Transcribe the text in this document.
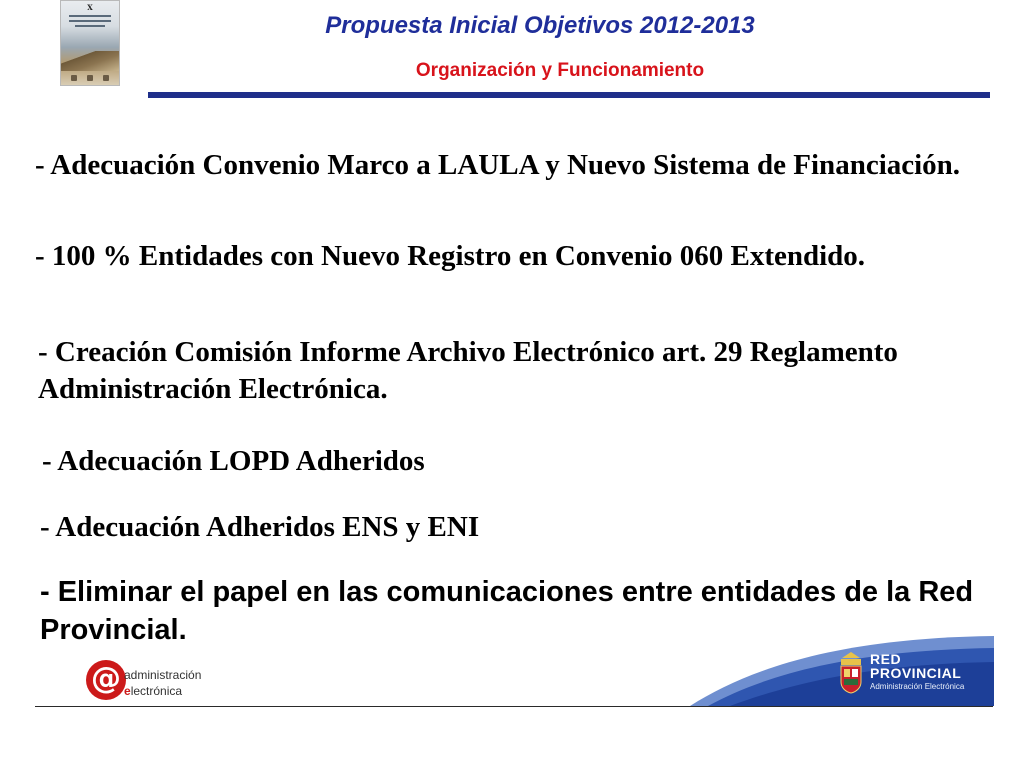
X
Propuesta Inicial Objetivos 2012-2013
Organización y Funcionamiento

- Adecuación Convenio Marco a LAULA y Nuevo Sistema de Financiación.

- 100 % Entidades con Nuevo Registro en Convenio 060 Extendido.

- Creación Comisión Informe Archivo Electrónico art. 29 Reglamento Administración Electrónica.

- Adecuación LOPD Adheridos

- Adecuación Adheridos ENS y ENI

- Eliminar el papel en las comunicaciones entre entidades de la Red Provincial.

@ administración
electrónica
RED
PROVINCIAL
Administración Electrónica
